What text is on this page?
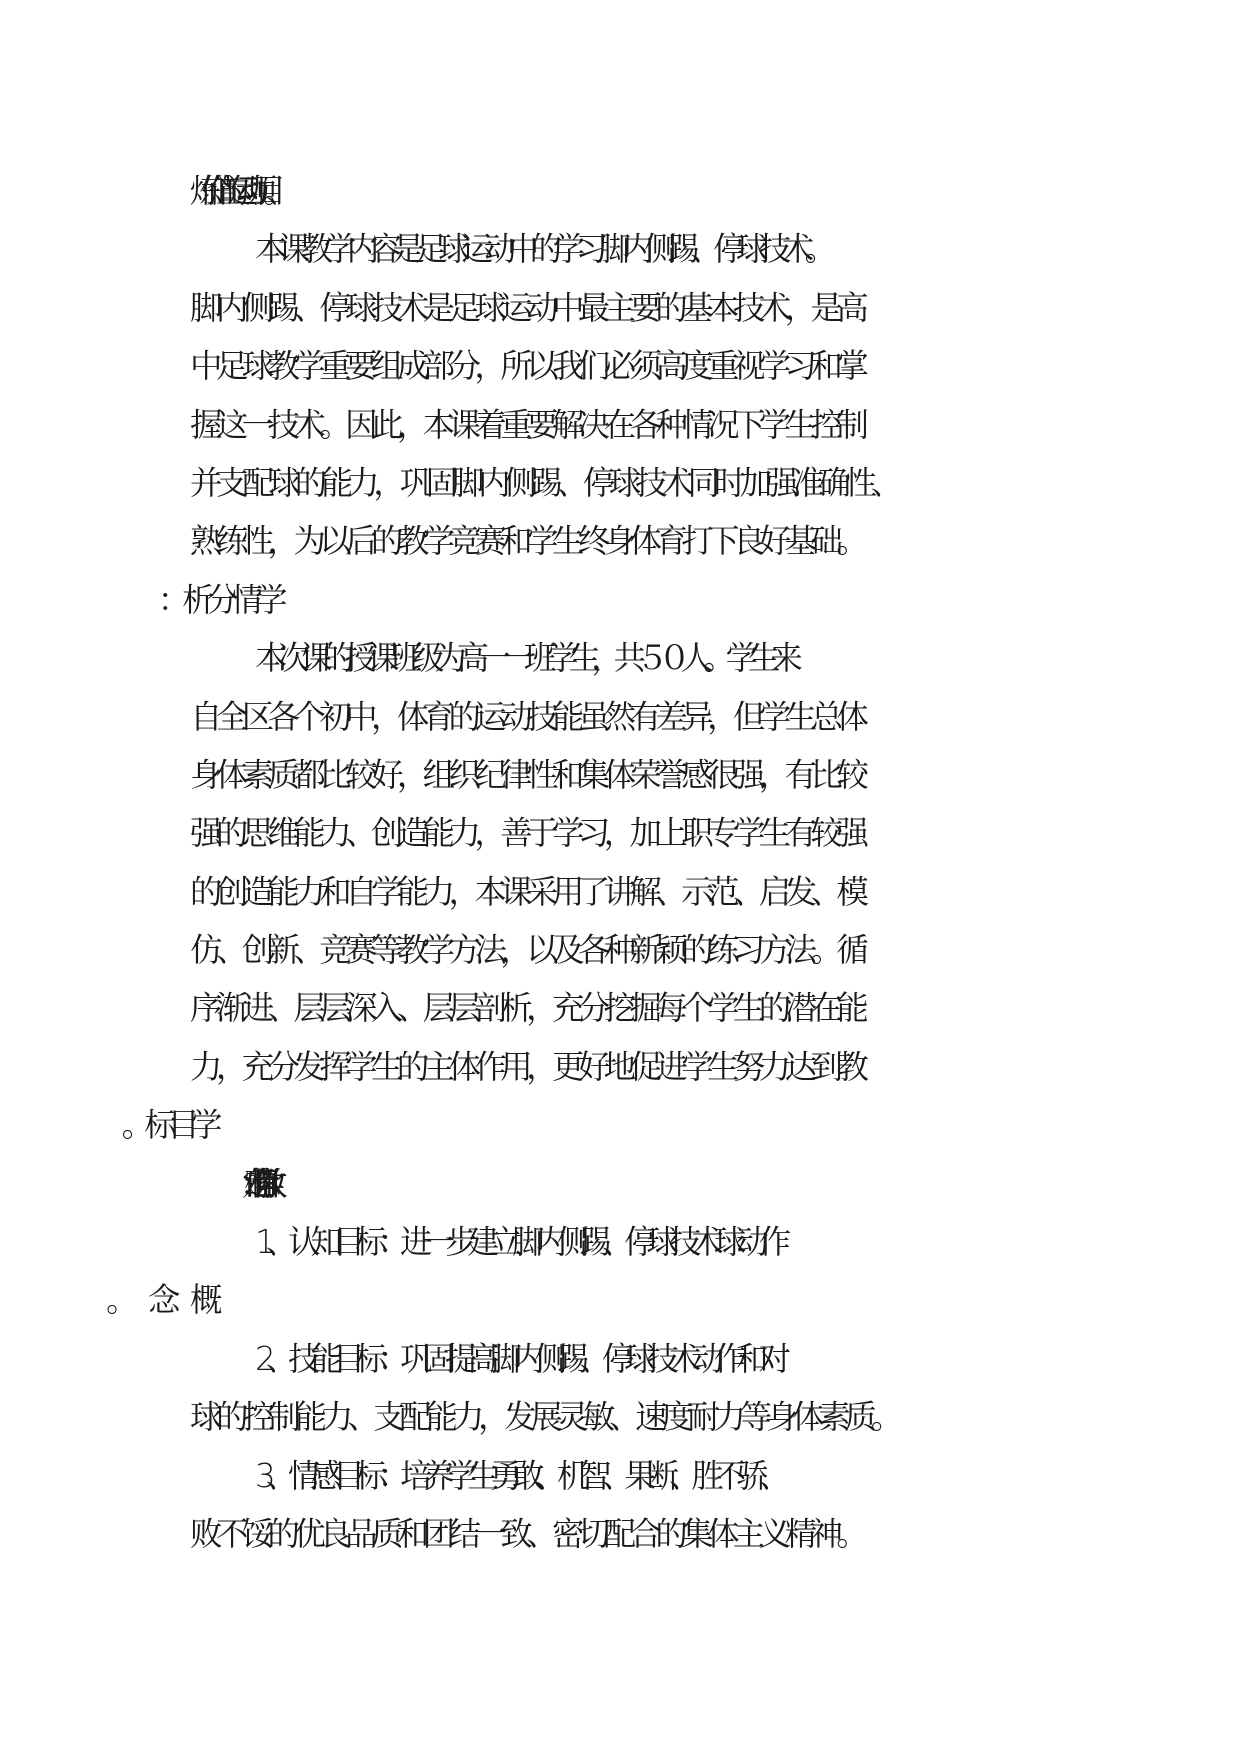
炼价值的运动项目。
本课教学内容是足球运动中的学习脚内侧踢、停球技术。
脚内侧踢、停球技术是足球运动中最主要的基本技术，是高
中足球教学重要组成部分，所以我们必须高度重视学习和掌
握这一技术。因此，本课着重要解决在各种情况下学生控制
并支配球的能力，巩固脚内侧踢、停球技术同时加强准确性、
熟练性，为以后的教学竞赛和学生终身体育打下良好基础。
本次课的授课班级为高一一班学生，共５０人。学生来
自全区各个初中，体育的运动技能虽然有差异，但学生总体
身体素质都比较好，组织纪律性和集体荣誉感很强，有比较
强的思维能力、创造能力，善于学习，加上职专学生有较强
的创造能力和自学能力，本课采用了讲解、示范、启发、模
仿、创新、竞赛等教学方法，以及各种新颖的练习方法。循
序渐进、层层深入、层层剖析，充分挖掘每个学生的潜在能
力，充分发挥学生的主体作用，更好地促进学生努力达到教
1、认知目标：进一步建立脚内侧踢、停球技术球动作
2、技能目标：巩固提高脚内侧踢、停球技术动作和对
球的控制能力、支配能力，发展灵敏、速度耐力等身体素质。
3、情感目标：培养学生勇敢、机智、果断、胜不骄、
败不馁的优良品质和团结一致、密切配合的集体主义精神。
